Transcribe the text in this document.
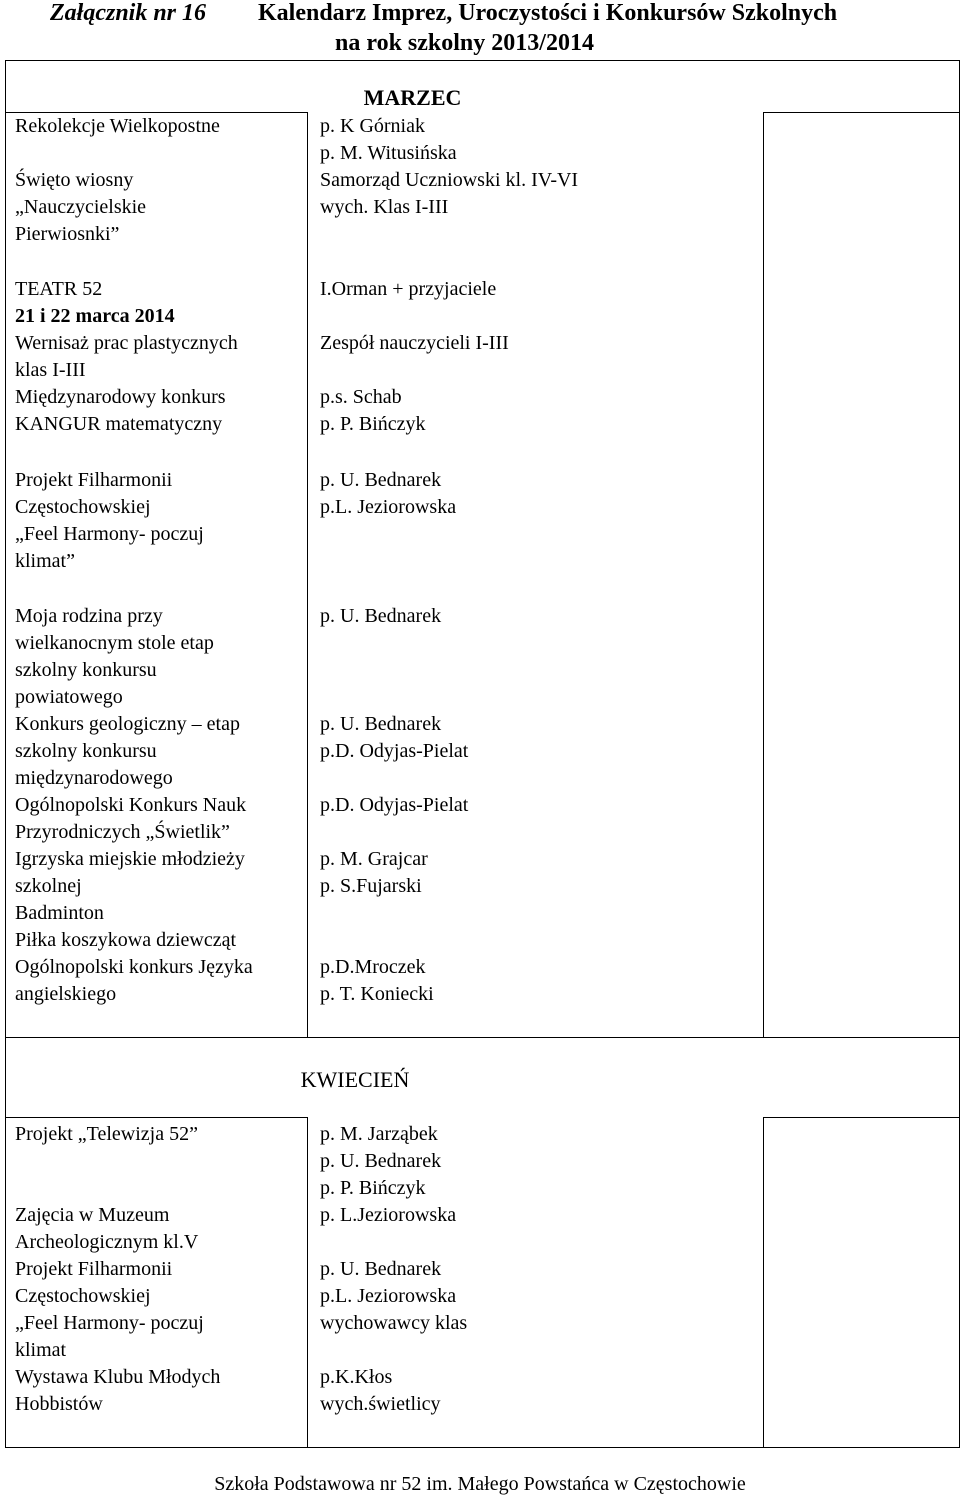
Załącznik nr 16 Kalendarz Imprez, Uroczystości i Konkursów Szkolnych
na rok szkolny 2013/2014
MARZEC
Rekolekcje Wielkopostne
Święto wiosny
„Nauczycielskie
Pierwiosnki”
TEATR 52
21 i 22 marca 2014
Wernisaż prac plastycznych
klas I-III
Międzynarodowy konkurs
KANGUR matematyczny
Projekt Filharmonii
Częstochowskiej
„Feel Harmony- poczuj
klimat”
Moja rodzina przy
wielkanocnym stole etap
szkolny konkursu
powiatowego
Konkurs geologiczny – etap
szkolny konkursu
międzynarodowego
Ogólnopolski Konkurs Nauk
Przyrodniczych „Świetlik”
Igrzyska miejskie młodzieży
szkolnej
Badminton
Piłka koszykowa dziewcząt
Ogólnopolski konkurs Języka
angielskiego
p. K Górniak
p. M. Witusińska
Samorząd Uczniowski kl. IV-VI
wych. Klas I-III
I.Orman + przyjaciele

Zespół nauczycieli I-III

p.s. Schab
p. P. Bińczyk
p. U. Bednarek
p.L. Jeziorowska
p. U. Bednarek

p. U. Bednarek
p.D. Odyjas-Pielat

p.D. Odyjas-Pielat

p. M. Grajcar
p. S.Fujarski

p.D.Mroczek
p. T. Koniecki
KWIECIEŃ
Projekt „Telewizja 52”

Zajęcia w Muzeum
Archeologicznym kl.V
Projekt Filharmonii
Częstochowskiej
„Feel Harmony- poczuj
klimat
Wystawa Klubu Młodych
Hobbistów
p. M. Jarząbek
p. U. Bednarek
p. P. Bińczyk
p. L.Jeziorowska

p. U. Bednarek
p.L. Jeziorowska
wychowawcy klas

p.K.Kłos
wych.świetlicy
Szkoła Podstawowa nr 52 im. Małego Powstańca w Częstochowie
